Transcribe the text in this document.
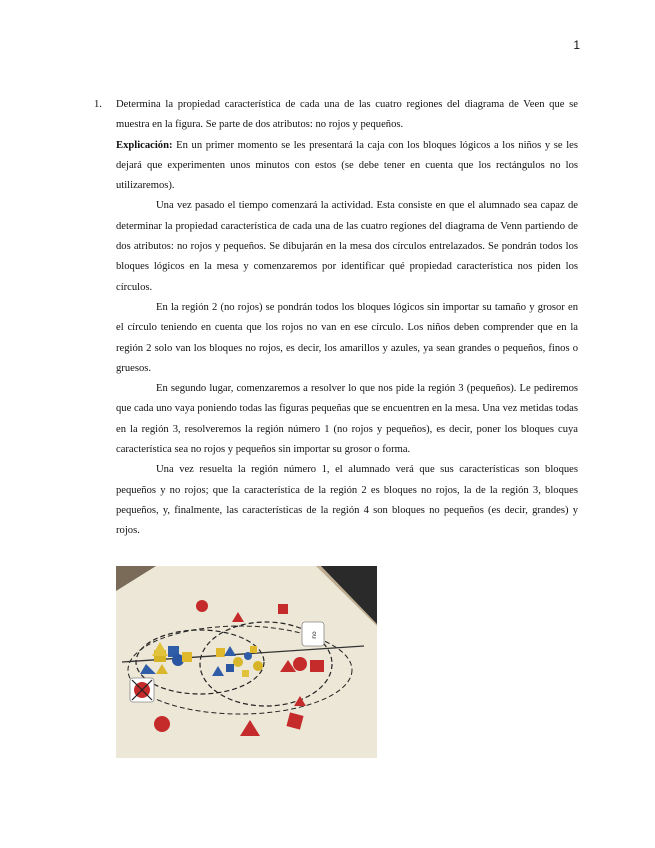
1
1. Determina la propiedad característica de cada una de las cuatro regiones del diagrama de Veen que se muestra en la figura. Se parte de dos atributos: no rojos y pequeños.

Explicación: En un primer momento se les presentará la caja con los bloques lógicos a los niños y se les dejará que experimenten unos minutos con estos (se debe tener en cuenta que los rectángulos no los utilizaremos).

Una vez pasado el tiempo comenzará la actividad. Esta consiste en que el alumnado sea capaz de determinar la propiedad característica de cada una de las cuatro regiones del diagrama de Venn partiendo de dos atributos: no rojos y pequeños. Se dibujarán en la mesa dos círculos entrelazados. Se pondrán todos los bloques lógicos en la mesa y comenzaremos por identificar qué propiedad característica nos piden los círculos.

En la región 2 (no rojos) se pondrán todos los bloques lógicos sin importar su tamaño y grosor en el círculo teniendo en cuenta que los rojos no van en ese círculo. Los niños deben comprender que en la región 2 solo van los bloques no rojos, es decir, los amarillos y azules, ya sean grandes o pequeños, finos o gruesos.

En segundo lugar, comenzaremos a resolver lo que nos pide la región 3 (pequeños). Le pediremos que cada uno vaya poniendo todas las figuras pequeñas que se encuentren en la mesa. Una vez metidas todas en la región 3, resolveremos la región número 1 (no rojos y pequeños), es decir, poner los bloques cuya característica sea no rojos y pequeños sin importar su grosor o forma.

Una vez resuelta la región número 1, el alumnado verá que sus características son bloques pequeños y no rojos; que la característica de la región 2 es bloques no rojos, la de la región 3, bloques pequeños, y, finalmente, las características de la región 4 son bloques no pequeños (es decir, grandes) y rojos.

no
